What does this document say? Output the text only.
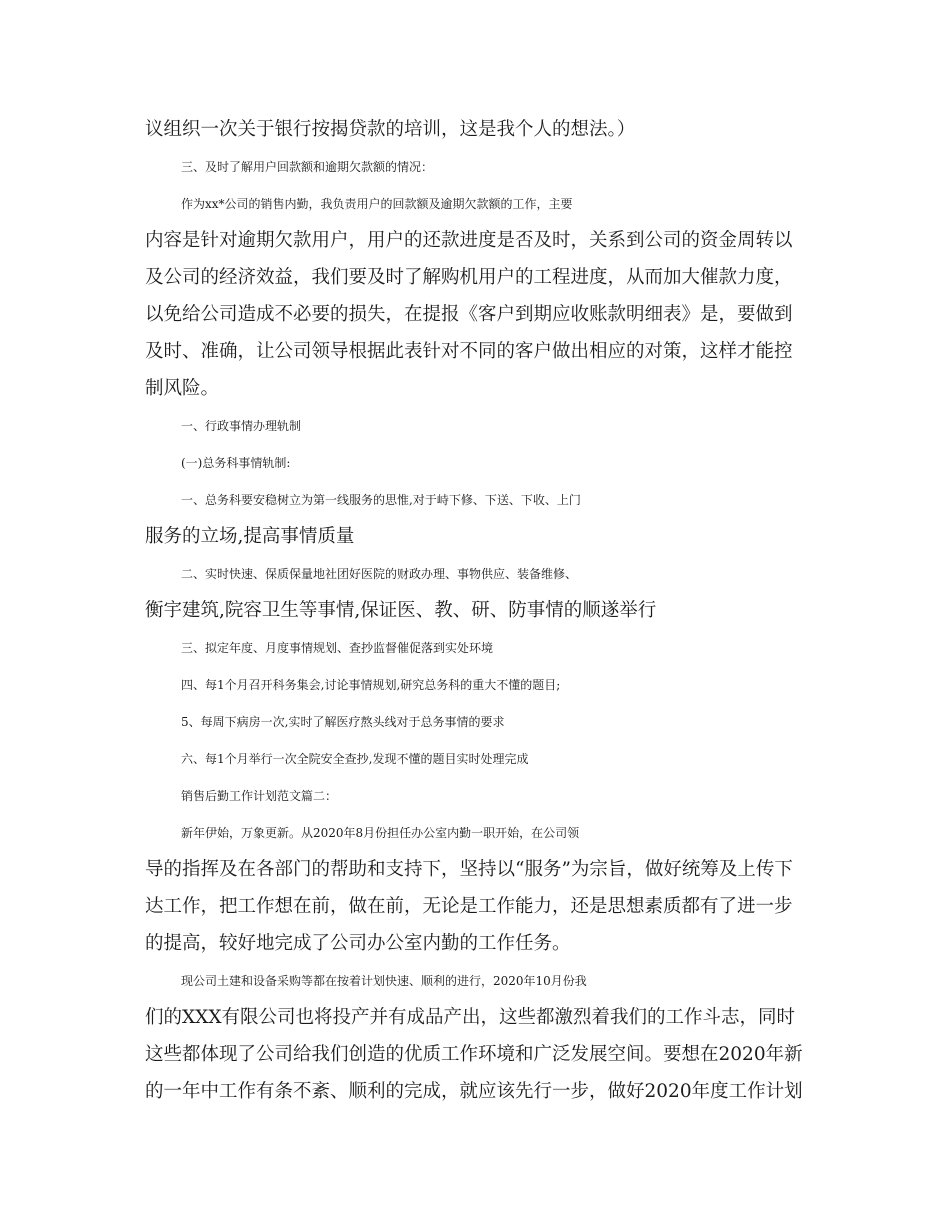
议组织一次关于银行按揭贷款的培训，这是我个人的想法。）
三、及时了解用户回款额和逾期欠款额的情况：
作为xx*公司的销售内勤，我负责用户的回款额及逾期欠款额的工作，主要
内容是针对逾期欠款用户，用户的还款进度是否及时，关系到公司的资金周转以
及公司的经济效益，我们要及时了解购机用户的工程进度，从而加大催款力度，
以免给公司造成不必要的损失，在提报《客户到期应收账款明细表》是，要做到
及时、准确，让公司领导根据此表针对不同的客户做出相应的对策，这样才能控
制风险。
一、行政事情办理轨制
(一)总务科事情轨制:
一、总务科要安稳树立为第一线服务的思惟,对于峙下修、下送、下收、上门
服务的立场,提高事情质量
二、实时快速、保质保量地社团好医院的财政办理、事物供应、装备维修、
衡宇建筑,院容卫生等事情,保证医、教、研、防事情的顺遂举行
三、拟定年度、月度事情规划、查抄监督催促落到实处环境
四、每1个月召开科务集会,讨论事情规划,研究总务科的重大不懂的题目;
5、每周下病房一次,实时了解医疗熬头线对于总务事情的要求
六、每1个月举行一次全院安全查抄,发现不懂的题目实时处理完成
销售后勤工作计划范文篇二：
新年伊始，万象更新。从2020年8月份担任办公室内勤一职开始，在公司领
导的指挥及在各部门的帮助和支持下，坚持以“服务”为宗旨，做好统筹及上传下
达工作，把工作想在前，做在前，无论是工作能力，还是思想素质都有了进一步
的提高，较好地完成了公司办公室内勤的工作任务。
现公司土建和设备采购等都在按着计划快速、顺利的进行，2020年10月份我
们的XXX有限公司也将投产并有成品产出，这些都激烈着我们的工作斗志，同时
这些都体现了公司给我们创造的优质工作环境和广泛发展空间。要想在2020年新
的一年中工作有条不紊、顺利的完成，就应该先行一步，做好2020年度工作计划
